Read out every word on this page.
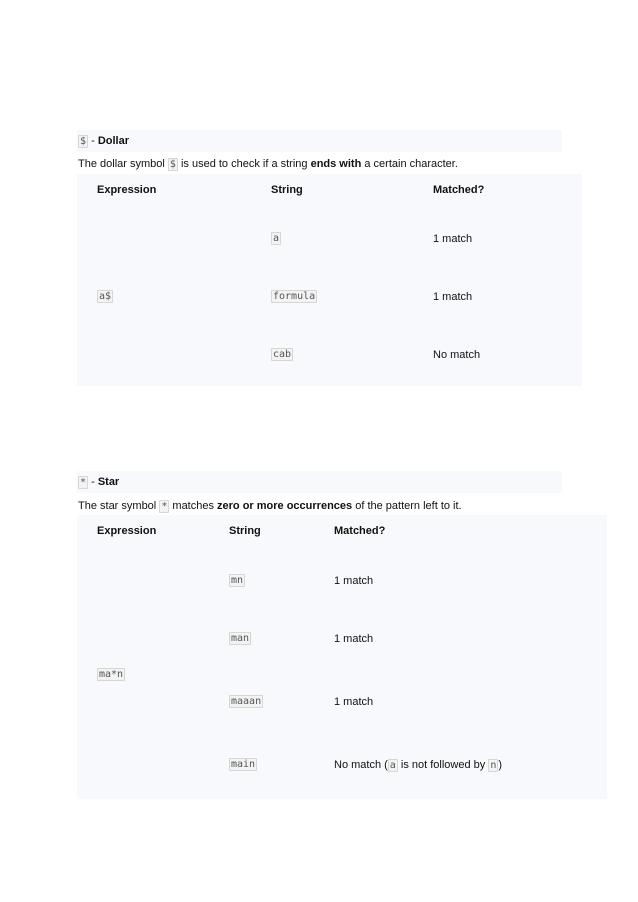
$ - Dollar
The dollar symbol $ is used to check if a string ends with a certain character.
Expression	String	Matched?
a$
a	1 match
formula	1 match
cab	No match
* - Star
The star symbol * matches zero or more occurrences of the pattern left to it.
Expression	String	Matched?
ma*n
mn	1 match
man	1 match
maaan	1 match
main	No match ( a is not followed by n )
